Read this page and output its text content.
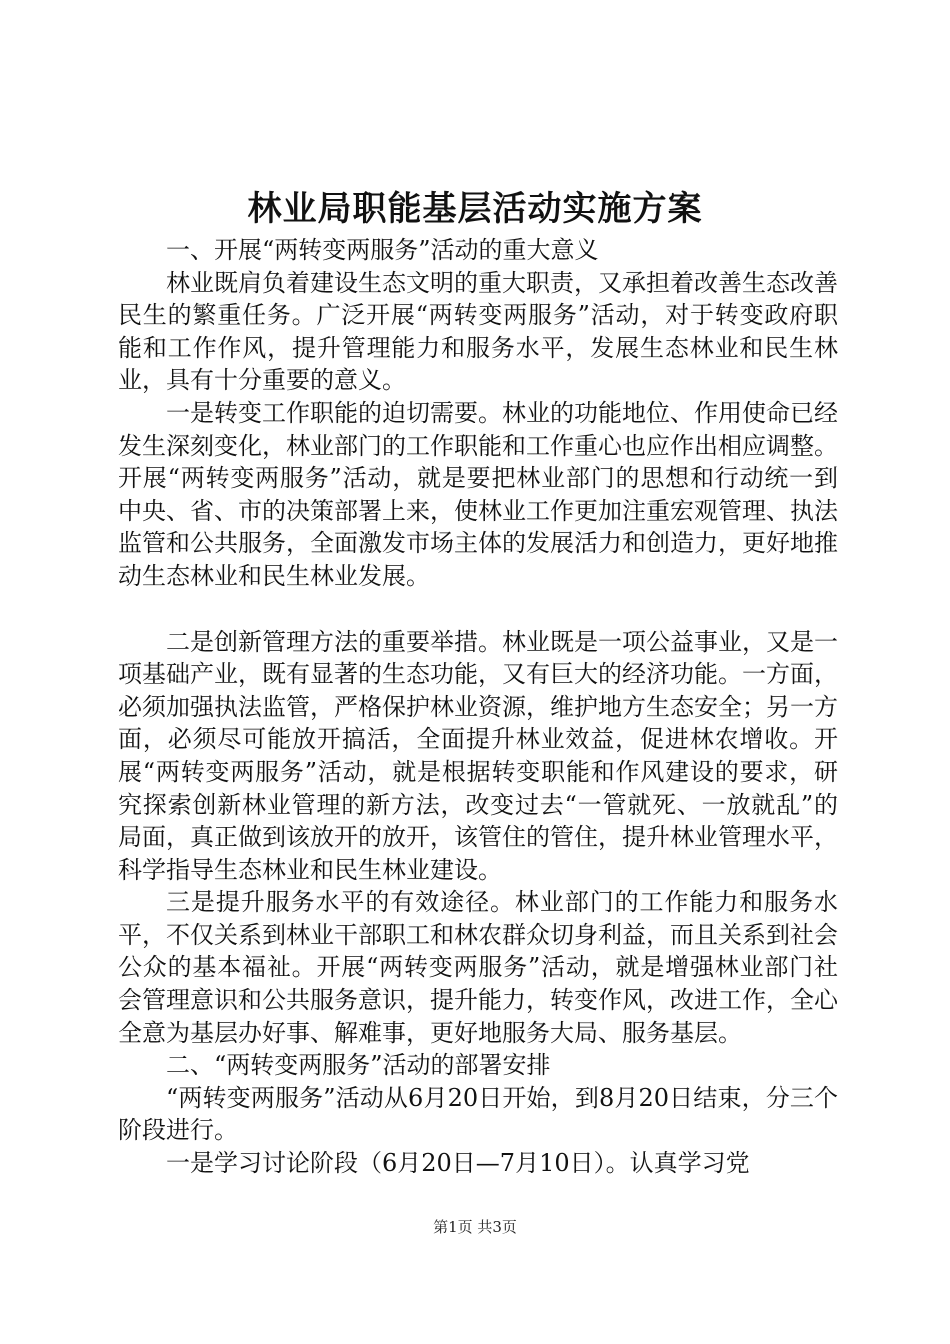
林业局职能基层活动实施方案

一、开展“两转变两服务”活动的重大意义

林业既肩负着建设生态文明的重大职责，又承担着改善生态改善民生的繁重任务。广泛开展“两转变两服务”活动，对于转变政府职能和工作作风，提升管理能力和服务水平，发展生态林业和民生林业，具有十分重要的意义。

一是转变工作职能的迫切需要。林业的功能地位、作用使命已经发生深刻变化，林业部门的工作职能和工作重心也应作出相应调整。开展“两转变两服务”活动，就是要把林业部门的思想和行动统一到中央、省、市的决策部署上来，使林业工作更加注重宏观管理、执法监管和公共服务，全面激发市场主体的发展活力和创造力，更好地推动生态林业和民生林业发展。

二是创新管理方法的重要举措。林业既是一项公益事业，又是一项基础产业，既有显著的生态功能，又有巨大的经济功能。一方面，必须加强执法监管，严格保护林业资源，维护地方生态安全；另一方面，必须尽可能放开搞活，全面提升林业效益，促进林农增收。开展“两转变两服务”活动，就是根据转变职能和作风建设的要求，研究探索创新林业管理的新方法，改变过去“一管就死、一放就乱”的局面，真正做到该放开的放开，该管住的管住，提升林业管理水平，科学指导生态林业和民生林业建设。

三是提升服务水平的有效途径。林业部门的工作能力和服务水平，不仅关系到林业干部职工和林农群众切身利益，而且关系到社会公众的基本福祉。开展“两转变两服务”活动，就是增强林业部门社会管理意识和公共服务意识，提升能力，转变作风，改进工作，全心全意为基层办好事、解难事，更好地服务大局、服务基层。

二、“两转变两服务”活动的部署安排

“两转变两服务”活动从6月20日开始，到8月20日结束，分三个阶段进行。

一是学习讨论阶段（6月20日—7月10日）。认真学习党

第1页 共3页
